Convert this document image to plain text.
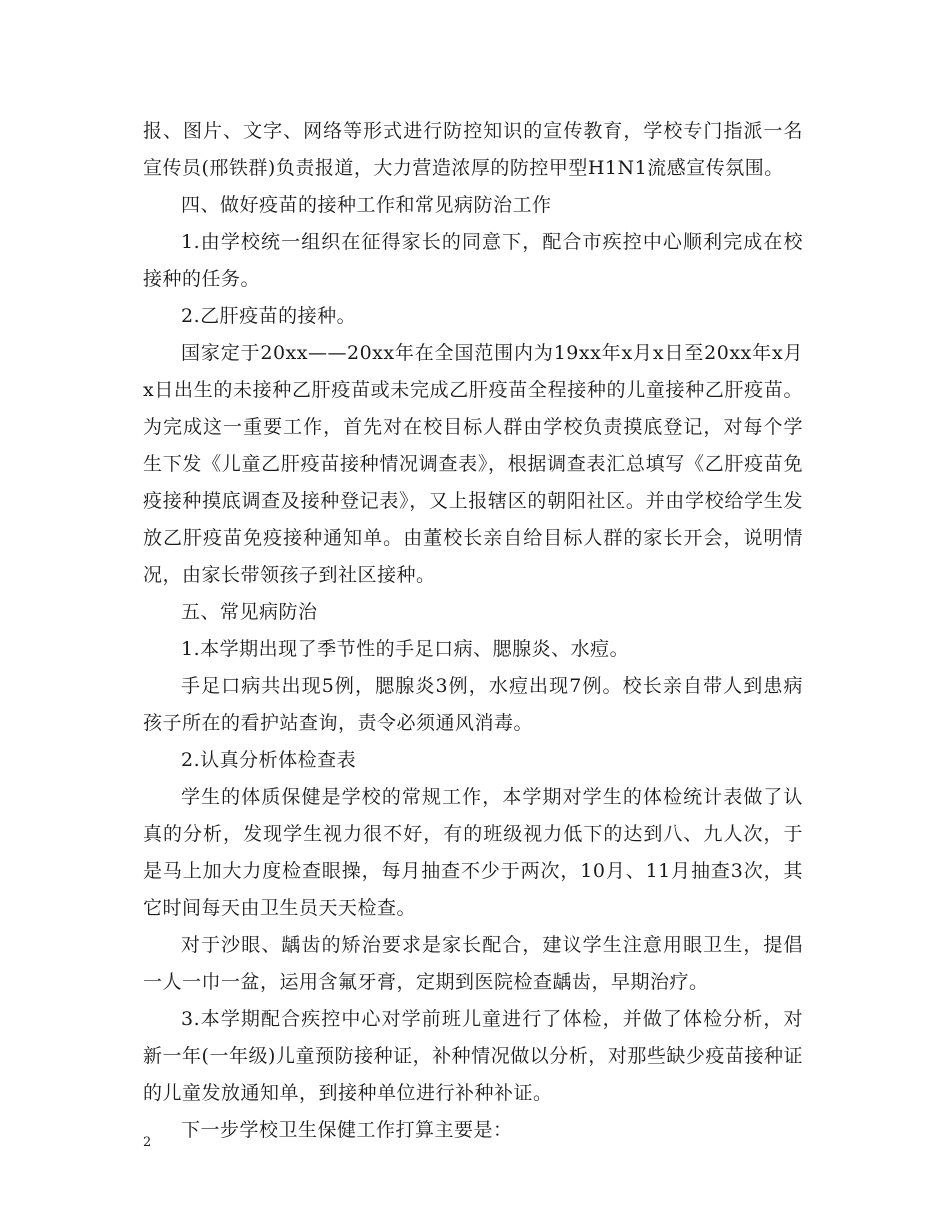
报、图片、文字、网络等形式进行防控知识的宣传教育，学校专门指派一名宣传员(邢铁群)负责报道，大力营造浓厚的防控甲型H1N1流感宣传氛围。

四、做好疫苗的接种工作和常见病防治工作

1.由学校统一组织在征得家长的同意下，配合市疾控中心顺利完成在校接种的任务。

2.乙肝疫苗的接种。

国家定于20xx——20xx年在全国范围内为19xx年x月x日至20xx年x月x日出生的未接种乙肝疫苗或未完成乙肝疫苗全程接种的儿童接种乙肝疫苗。为完成这一重要工作，首先对在校目标人群由学校负责摸底登记，对每个学生下发《儿童乙肝疫苗接种情况调查表》，根据调查表汇总填写《乙肝疫苗免疫接种摸底调查及接种登记表》，又上报辖区的朝阳社区。并由学校给学生发放乙肝疫苗免疫接种通知单。由董校长亲自给目标人群的家长开会，说明情况，由家长带领孩子到社区接种。

五、常见病防治

1.本学期出现了季节性的手足口病、腮腺炎、水痘。

手足口病共出现5例，腮腺炎3例，水痘出现7例。校长亲自带人到患病孩子所在的看护站查询，责令必须通风消毒。

2.认真分析体检查表

学生的体质保健是学校的常规工作，本学期对学生的体检统计表做了认真的分析，发现学生视力很不好，有的班级视力低下的达到八、九人次，于是马上加大力度检查眼操，每月抽查不少于两次，10月、11月抽查3次，其它时间每天由卫生员天天检查。

对于沙眼、龋齿的矫治要求是家长配合，建议学生注意用眼卫生，提倡一人一巾一盆，运用含氟牙膏，定期到医院检查龋齿，早期治疗。

3.本学期配合疾控中心对学前班儿童进行了体检，并做了体检分析，对新一年(一年级)儿童预防接种证，补种情况做以分析，对那些缺少疫苗接种证的儿童发放通知单，到接种单位进行补种补证。

下一步学校卫生保健工作打算主要是：

2
